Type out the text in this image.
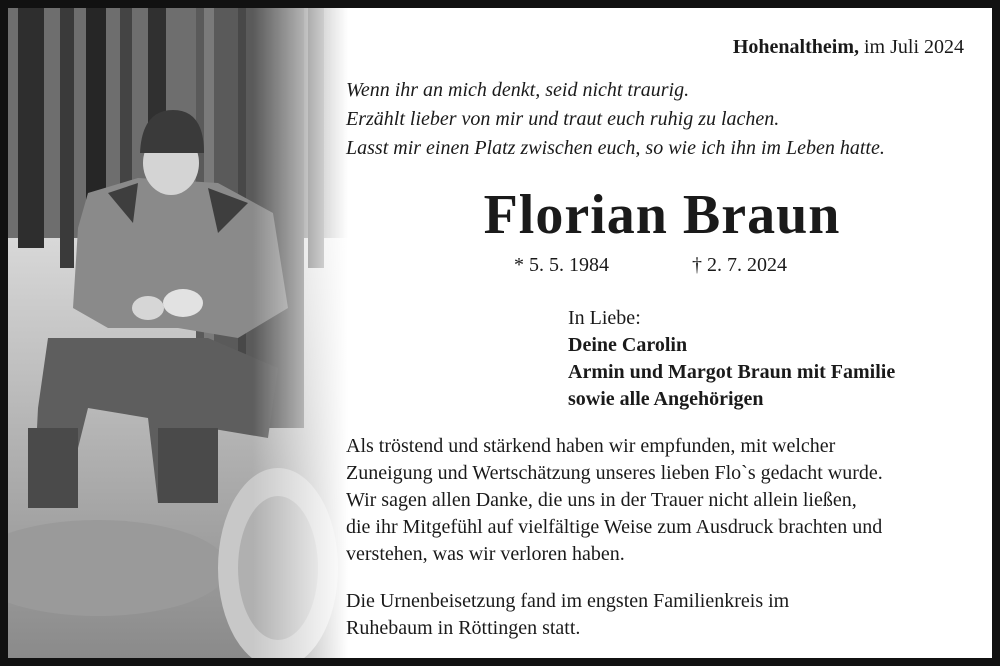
Hohenaltheim, im Juli 2024
Wenn ihr an mich denkt, seid nicht traurig.
Erzählt lieber von mir und traut euch ruhig zu lachen.
Lasst mir einen Platz zwischen euch, so wie ich ihn im Leben hatte.
Florian Braun
* 5. 5. 1984	† 2. 7. 2024
In Liebe:
Deine Carolin
Armin und Margot Braun mit Familie
sowie alle Angehörigen
Als tröstend und stärkend haben wir empfunden, mit welcher
Zuneigung und Wertschätzung unseres lieben Flo`s gedacht wurde.
Wir sagen allen Danke, die uns in der Trauer nicht allein ließen,
die ihr Mitgefühl auf vielfältige Weise zum Ausdruck brachten und
verstehen, was wir verloren haben.
Die Urnenbeisetzung fand im engsten Familienkreis im
Ruhebaum in Röttingen statt.
